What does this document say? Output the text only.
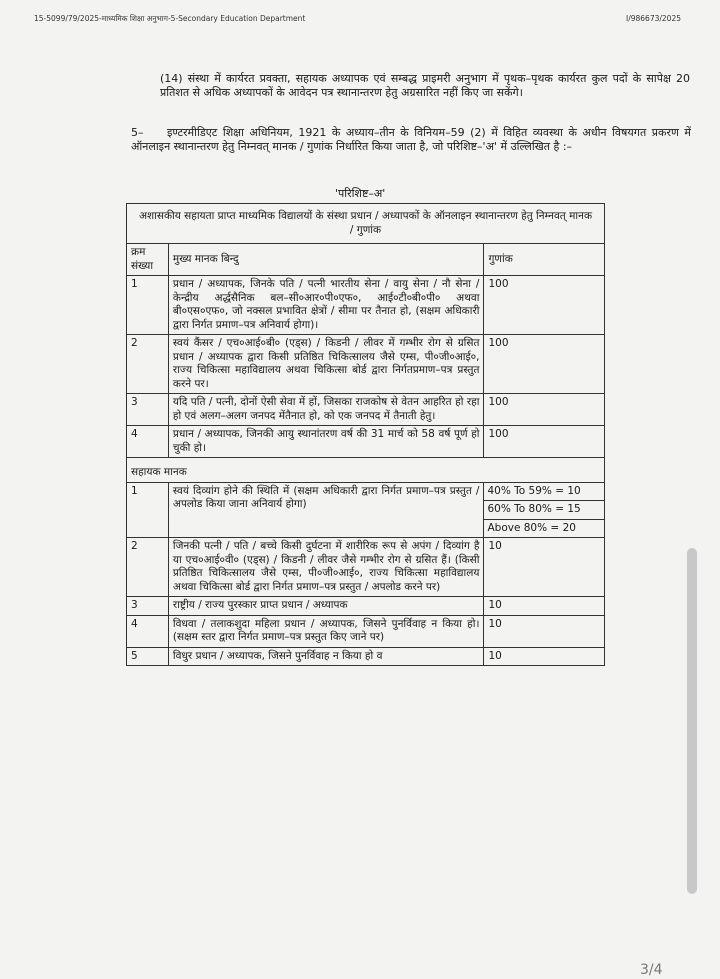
15-5099/79/2025-माध्यमिक शिक्षा अनुभाग-5-Secondary Education Department	I/986673/2025
(14) संस्था में कार्यरत प्रवक्ता, सहायक अध्यापक एवं सम्बद्ध प्राइमरी अनुभाग में पृथक–पृथक कार्यरत कुल पदों के सापेक्ष 20 प्रतिशत से अधिक अध्यापकों के आवेदन पत्र स्थानान्तरण हेतु अग्रसारित नहीं किए जा सकेंगे।
5– इण्टरमीडिएट शिक्षा अधिनियम, 1921 के अध्याय–तीन के विनियम–59 (2) में विहित व्यवस्था के अधीन विषयगत प्रकरण में ऑनलाइन स्थानान्तरण हेतु निम्नवत् मानक / गुणांक निर्धारित किया जाता है, जो परिशिष्ट–'अ' में उल्लिखित है :–
'परिशिष्ट–अ'
अशासकीय सहायता प्राप्त माध्यमिक विद्यालयों के संस्था प्रधान / अध्यापकों के ऑनलाइन स्थानान्तरण हेतु निम्नवत् मानक / गुणांक		
क्रम संख्या	मुख्य मानक बिन्दु	गुणांक
1	प्रधान / अध्यापक, जिनके पति / पत्नी भारतीय सेना / वायु सेना / नौ सेना / केन्द्रीय अर्द्धसैनिक बल–सी०आर०पी०एफ०, आई०टी०बी०पी० अथवा बी०एस०एफ०, जो नक्सल प्रभावित क्षेत्रों / सीमा पर तैनात हो, (सक्षम अधिकारी द्वारा निर्गत प्रमाण–पत्र अनिवार्य होगा)।	100
2	स्वयं कैंसर / एच०आई०बी० (एड्स) / किडनी / लीवर में गम्भीर रोग से ग्रसित प्रधान / अध्यापक द्वारा किसी प्रतिष्ठित चिकित्सालय जैसे एम्स, पी०जी०आई०, राज्य चिकित्सा महाविद्यालय अथवा चिकित्सा बोर्ड द्वारा निर्गतप्रमाण–पत्र प्रस्तुत करने पर।	100
3	यदि पति / पत्नी, दोनों ऐसी सेवा में हों, जिसका राजकोष से वेतन आहरित हो रहा हो एवं अलग–अलग जनपद मेंतैनात हो, को एक जनपद में तैनाती हेतु।	100
4	प्रधान / अध्यापक, जिनकी आयु स्थानांतरण वर्ष की 31 मार्च को 58 वर्ष पूर्ण हो चुकी हो।	100
सहायक मानक		
1	स्वयं दिव्यांग होने की स्थिति में (सक्षम अधिकारी द्वारा निर्गत प्रमाण–पत्र प्रस्तुत / अपलोड किया जाना अनिवार्य होगा)	40% To 59% = 10
60% To 80% = 15
Above 80% = 20

2	जिनकी पत्नी / पति / बच्चे किसी दुर्घटना में शारीरिक रूप से अपंग / दिव्यांग है या एच०आई०वी० (एड्स) / किडनी / लीवर जैसे गम्भीर रोग से ग्रसित हैं। (किसी प्रतिष्ठित चिकित्सालय जैसे एम्स, पी०जी०आई०, राज्य चिकित्सा महाविद्यालय अथवा चिकित्सा बोर्ड द्वारा निर्गत प्रमाण–पत्र प्रस्तुत / अपलोड करने पर)	10
3	राष्ट्रीय / राज्य पुरस्कार प्राप्त प्रधान / अध्यापक	10
4	विधवा / तलाकशुदा महिला प्रधान / अध्यापक, जिसने पुनर्विवाह न किया हो। (सक्षम स्तर द्वारा निर्गत प्रमाण–पत्र प्रस्तुत किए जाने पर)	10
5	विधुर प्रधान / अध्यापक, जिसने पुनर्विवाह न किया हो व	10
3/4
